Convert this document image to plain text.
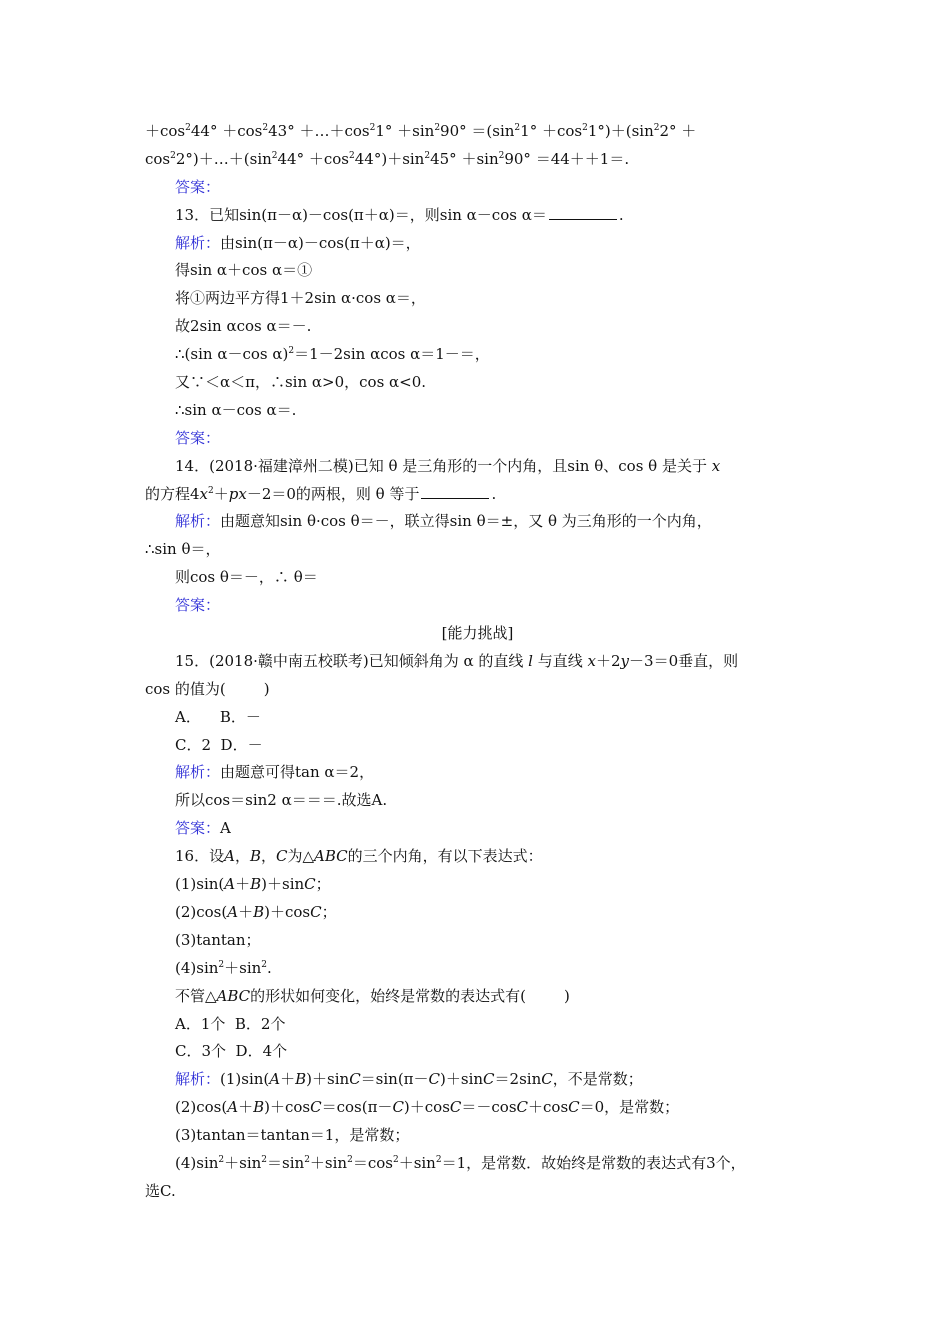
$+\cos^244^\circ +\cos^243^\circ$ $+\dots+\cos^21^\circ +\sin^290^\circ =(\sin^21^\circ +\cos^21^\circ)+(\sin^22^\circ$ ＋
$\cos^22^\circ)+\dots+(\sin^244^\circ +\cos^244^\circ)+\sin^245^\circ +\sin^290^\circ =44++1=$.
答案：
13．已知sin(π－α)－cos(π＋α)＝，则sin α－cos α＝	.
解析：由sin(π－α)－cos(π＋α)＝，
得sin α＋cos α＝①
将①两边平方得1＋2sin α·cos α＝，
故2sin αcos α＝－.
∴(sin α－cos α)$^2$＝1－2sin αcos α＝1－＝，
又∵＜α＜π，∴sin α>0，cos α<0.
∴sin α－cos α＝.
答案：
14．(2018·福建漳州二模)已知 θ 是三角形的一个内角，且sin θ、cos θ 是关于 x
的方程$4x^2+px-2=0$的两根，则 θ 等于	.
解析：由题意知sin θ·cos θ＝－，联立得sin θ＝±，又 θ 为三角形的一个内角，
∴sin θ＝，
则cos θ＝－，∴ θ＝
答案：
[能力挑战]
15．(2018·赣中南五校联考)已知倾斜角为 α 的直线 l 与直线 x＋2y－3＝0垂直，则
cos 的值为(	)
A．    B．－
C．2  D．－
解析：由题意可得tan α＝2，
所以cos＝sin2 α＝＝＝.故选A.
答案：A
16．设A，B，C为△ABC的三个内角，有以下表达式：
(1)sin(A＋B)＋sinC；
(2)cos(A＋B)＋cosC；
(3)tantan；
$(4)\sin^2+\sin^2$.
不管△ABC的形状如何变化，始终是常数的表达式有(	)
A．1个  B．2个
C．3个  D．4个
解析：(1)sin(A＋B)＋sinC＝sin(π－C)＋sinC＝2sinC，不是常数；
(2)cos(A＋B)＋cosC＝cos(π－C)＋cosC＝－cosC＋cosC＝0，是常数；
(3)tantan＝tantan＝1，是常数；
$(4)\sin^2+\sin^2=\sin^2+\sin^2=\cos^2+\sin^2=1$，是常数．故始终是常数的表达式有3个，
选C.
